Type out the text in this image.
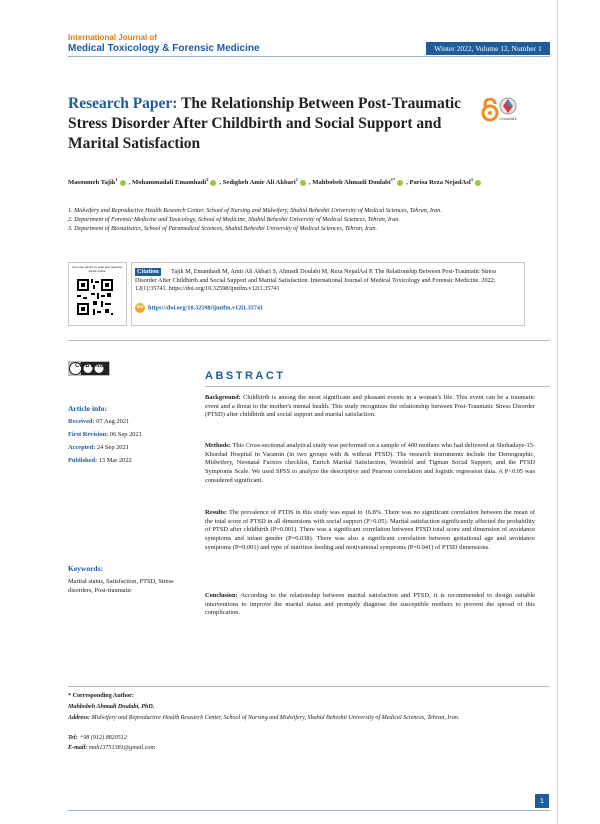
International Journal of
Medical Toxicology & Forensic Medicine	Winter 2022, Volume 12, Number 1
Research Paper: The Relationship Between Post-Traumatic Stress Disorder After Childbirth and Social Support and Marital Satisfaction
CrossMark
Masoumeh Tajik$^1$ , Mohammadali Emamhadi$^2$ , Sedigheh Amir Ali Akbari$^1$ , Mahbobeh Ahmadi Doulabi$^{1*}$ , Parisa Reza NejadAsl$^3$
1. Midwifery and Reproductive Health Research Center, School of Nursing and Midwifery, Shahid Beheshti University of Medical Sciences, Tehran, Iran.
2. Department of Forensic Medicine and Toxicology, School of Medicine, Shahid Beheshti University of Medical Sciences, Tehran, Iran.
3. Department of Biostatistics, School of Paramedical Sciences, Shahid Beheshti University of Medical Sciences, Tehran, Iran.
Use your device to scan and read the article online	Tajik M, Emamhadi M, Amir Ali Akbari S, Ahmadi Doulabi M, Reza NejadAsl P. The Relationship Between Post-Traumatic Stress Disorder After Childbirth and Social Support and Marital Satisfaction. International Journal of Medical Toxicology and Forensic Medicine. 2022; 12(1):35741. https://doi.org/10.32598/ijmtfm.v12i1.35741
Citation
doi https://doi.org/10.32598/ijmtfm.v12i1.35741
CC BY NC
Article info:
Received: 07 Aug 2021
First Revision: 06 Sep 2021
Accepted: 24 Sep 2021
Published: 13 Mar 2022
Keywords:
Marital status, Satisfaction, PTSD, Stress disorders, Post-traumatic
ABSTRACT
Background: Childbirth is among the most significant and pleasant events in a woman's life. This event can be a traumatic event and a threat to the mother's mental health. This study recognizes the relationship between Post-Traumatic Stress Disorder (PTSD) after childbirth and social support and marital satisfaction.
Methods: This Cross-sectional analytical study was performed on a sample of 400 mothers who had delivered at Shohadaye-15-Khordad Hospital in Varamin (in two groups with & without PTSD). The research instruments include the Demographic, Midwifery, Neonatal Factors checklist, Enrich Marital Satisfaction, Weinfeld and Tigman Social Support, and the PTSD Symptoms Scale. We used SPSS to analyze the descriptive and Pearson correlation and logistic regression data. A P<0.05 was considered significant.
Results: The prevalence of PTDS in this study was equal to 16.8%. There was no significant correlation between the mean of the total score of PTSD in all dimensions with social support (P>0.05). Marital satisfaction significantly affected the probability of PTSD after childbirth (P=0.001). There was a significant correlation between PTSD total score and dimension of avoidance symptoms and infant gender (P=0.038). There was also a significant correlation between gestational age and avoidance symptoms (P=0.001) and type of nutrition feeding and motivational symptoms (P=0.041) of PTSD dimensions.
Conclusion: According to the relationship between marital satisfaction and PTSD, it is recommended to design suitable interventions to improve the marital status and promptly diagnose the susceptible mothers to prevent the spread of this complication.
* Corresponding Author:
Mahbobeh Ahmadi Doulabi, PhD.
Address: Midwifery and Reproductive Health Research Center, School of Nursing and Midwifery, Shahid Beheshti University of Medical Sciences, Tehran, Iran.
Tel: +98 (912) 8820512
E-mail: mah13751381@gmail.com
1
